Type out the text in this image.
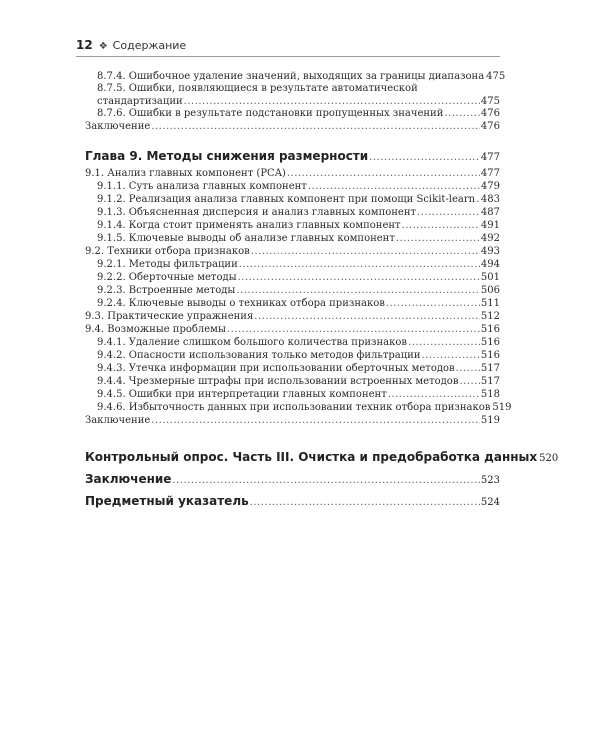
12 ❖ Содержание
8.7.4. Ошибочное удаление значений, выходящих за границы диапазона 475
8.7.5. Ошибки, появляющиеся в результате автоматической
стандартизации .....	475
8.7.6. Ошибки в результате подстановки пропущенных значений .....	476
Заключение .....	476
Глава 9. Методы снижения размерности .....	477
9.1. Анализ главных компонент (PCA) .....	477
9.1.1. Суть анализа главных компонент .....	479
9.1.2. Реализация анализа главных компонент при помощи Scikit-learn ..... 483
9.1.3. Объясненная дисперсия и анализ главных компонент .....	487
9.1.4. Когда стоит применять анализ главных компонент .....	491
9.1.5. Ключевые выводы об анализе главных компонент .....	492
9.2. Техники отбора признаков .....	493
9.2.1. Методы фильтрации .....	494
9.2.2. Оберточные методы .....	501
9.2.3. Встроенные методы .....	506
9.2.4. Ключевые выводы о техниках отбора признаков .....	511
9.3. Практические упражнения .....	512
9.4. Возможные проблемы .....	516
9.4.1. Удаление слишком большого количества признаков .....	516
9.4.2. Опасности использования только методов фильтрации .....	516
9.4.3. Утечка информации при использовании оберточных методов .....	517
9.4.4. Чрезмерные штрафы при использовании встроенных методов ..... 517
9.4.5. Ошибки при интерпретации главных компонент .....	518
9.4.6. Избыточность данных при использовании техник отбора признаков 519
Заключение .....	519
Контрольный опрос. Часть III. Очистка и предобработка данных 520
Заключение .....	523
Предметный указатель .....	524
